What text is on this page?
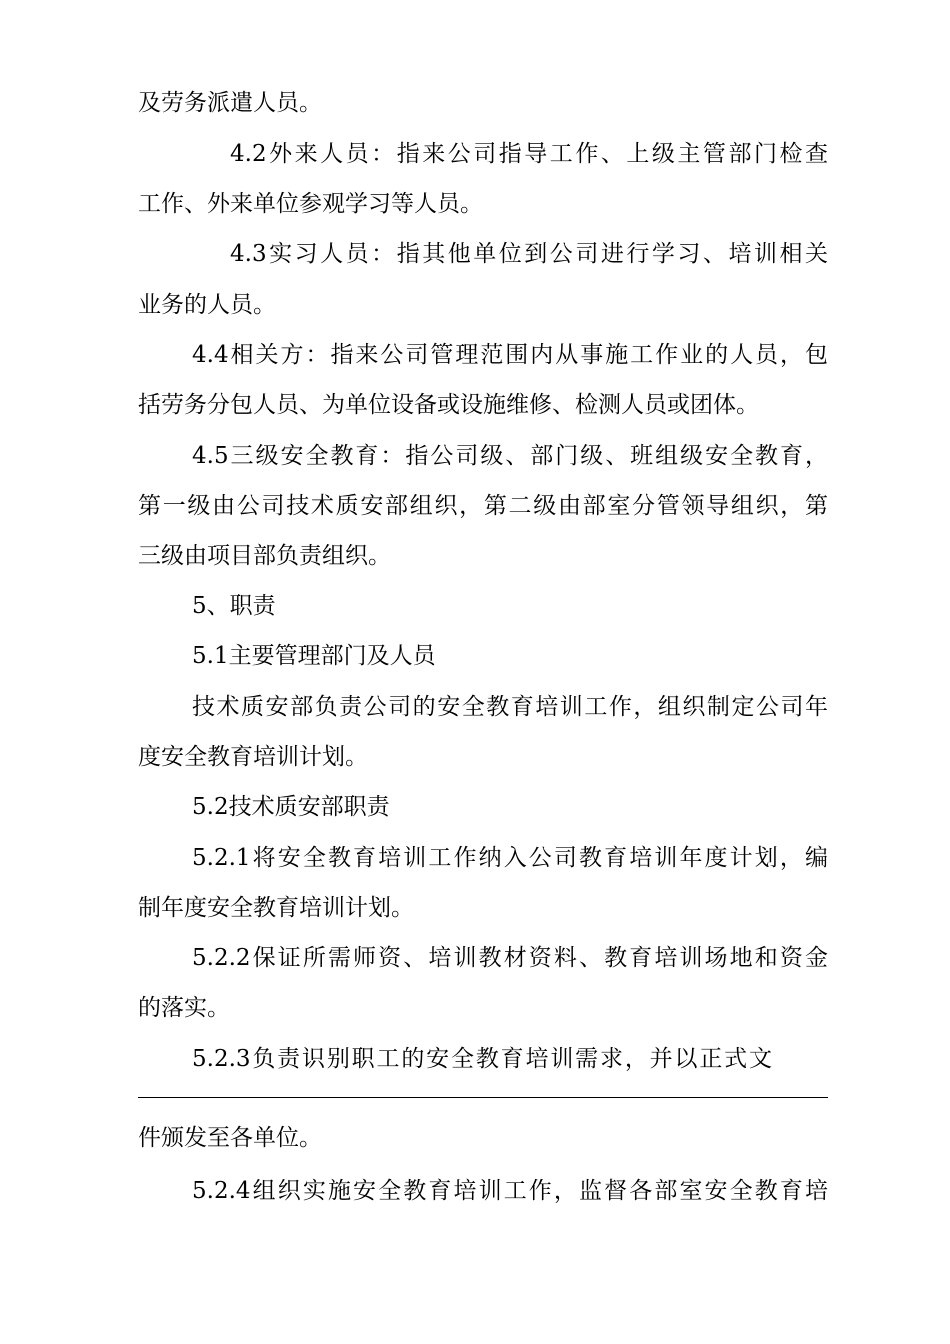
及劳务派遣人员。
4.2外来人员：指来公司指导工作、上级主管部门检查
工作、外来单位参观学习等人员。
4.3实习人员：指其他单位到公司进行学习、培训相关
业务的人员。
4.4相关方：指来公司管理范围内从事施工作业的人员，包
括劳务分包人员、为单位设备或设施维修、检测人员或团体。
4.5三级安全教育：指公司级、部门级、班组级安全教育，
第一级由公司技术质安部组织，第二级由部室分管领导组织，第
三级由项目部负责组织。
5、职责
5.1主要管理部门及人员
技术质安部负责公司的安全教育培训工作，组织制定公司年
度安全教育培训计划。
5.2技术质安部职责
5.2.1将安全教育培训工作纳入公司教育培训年度计划，编
制年度安全教育培训计划。
5.2.2保证所需师资、培训教材资料、教育培训场地和资金
的落实。
5.2.3负责识别职工的安全教育培训需求，并以正式文
件颁发至各单位。
5.2.4组织实施安全教育培训工作，监督各部室安全教育培
